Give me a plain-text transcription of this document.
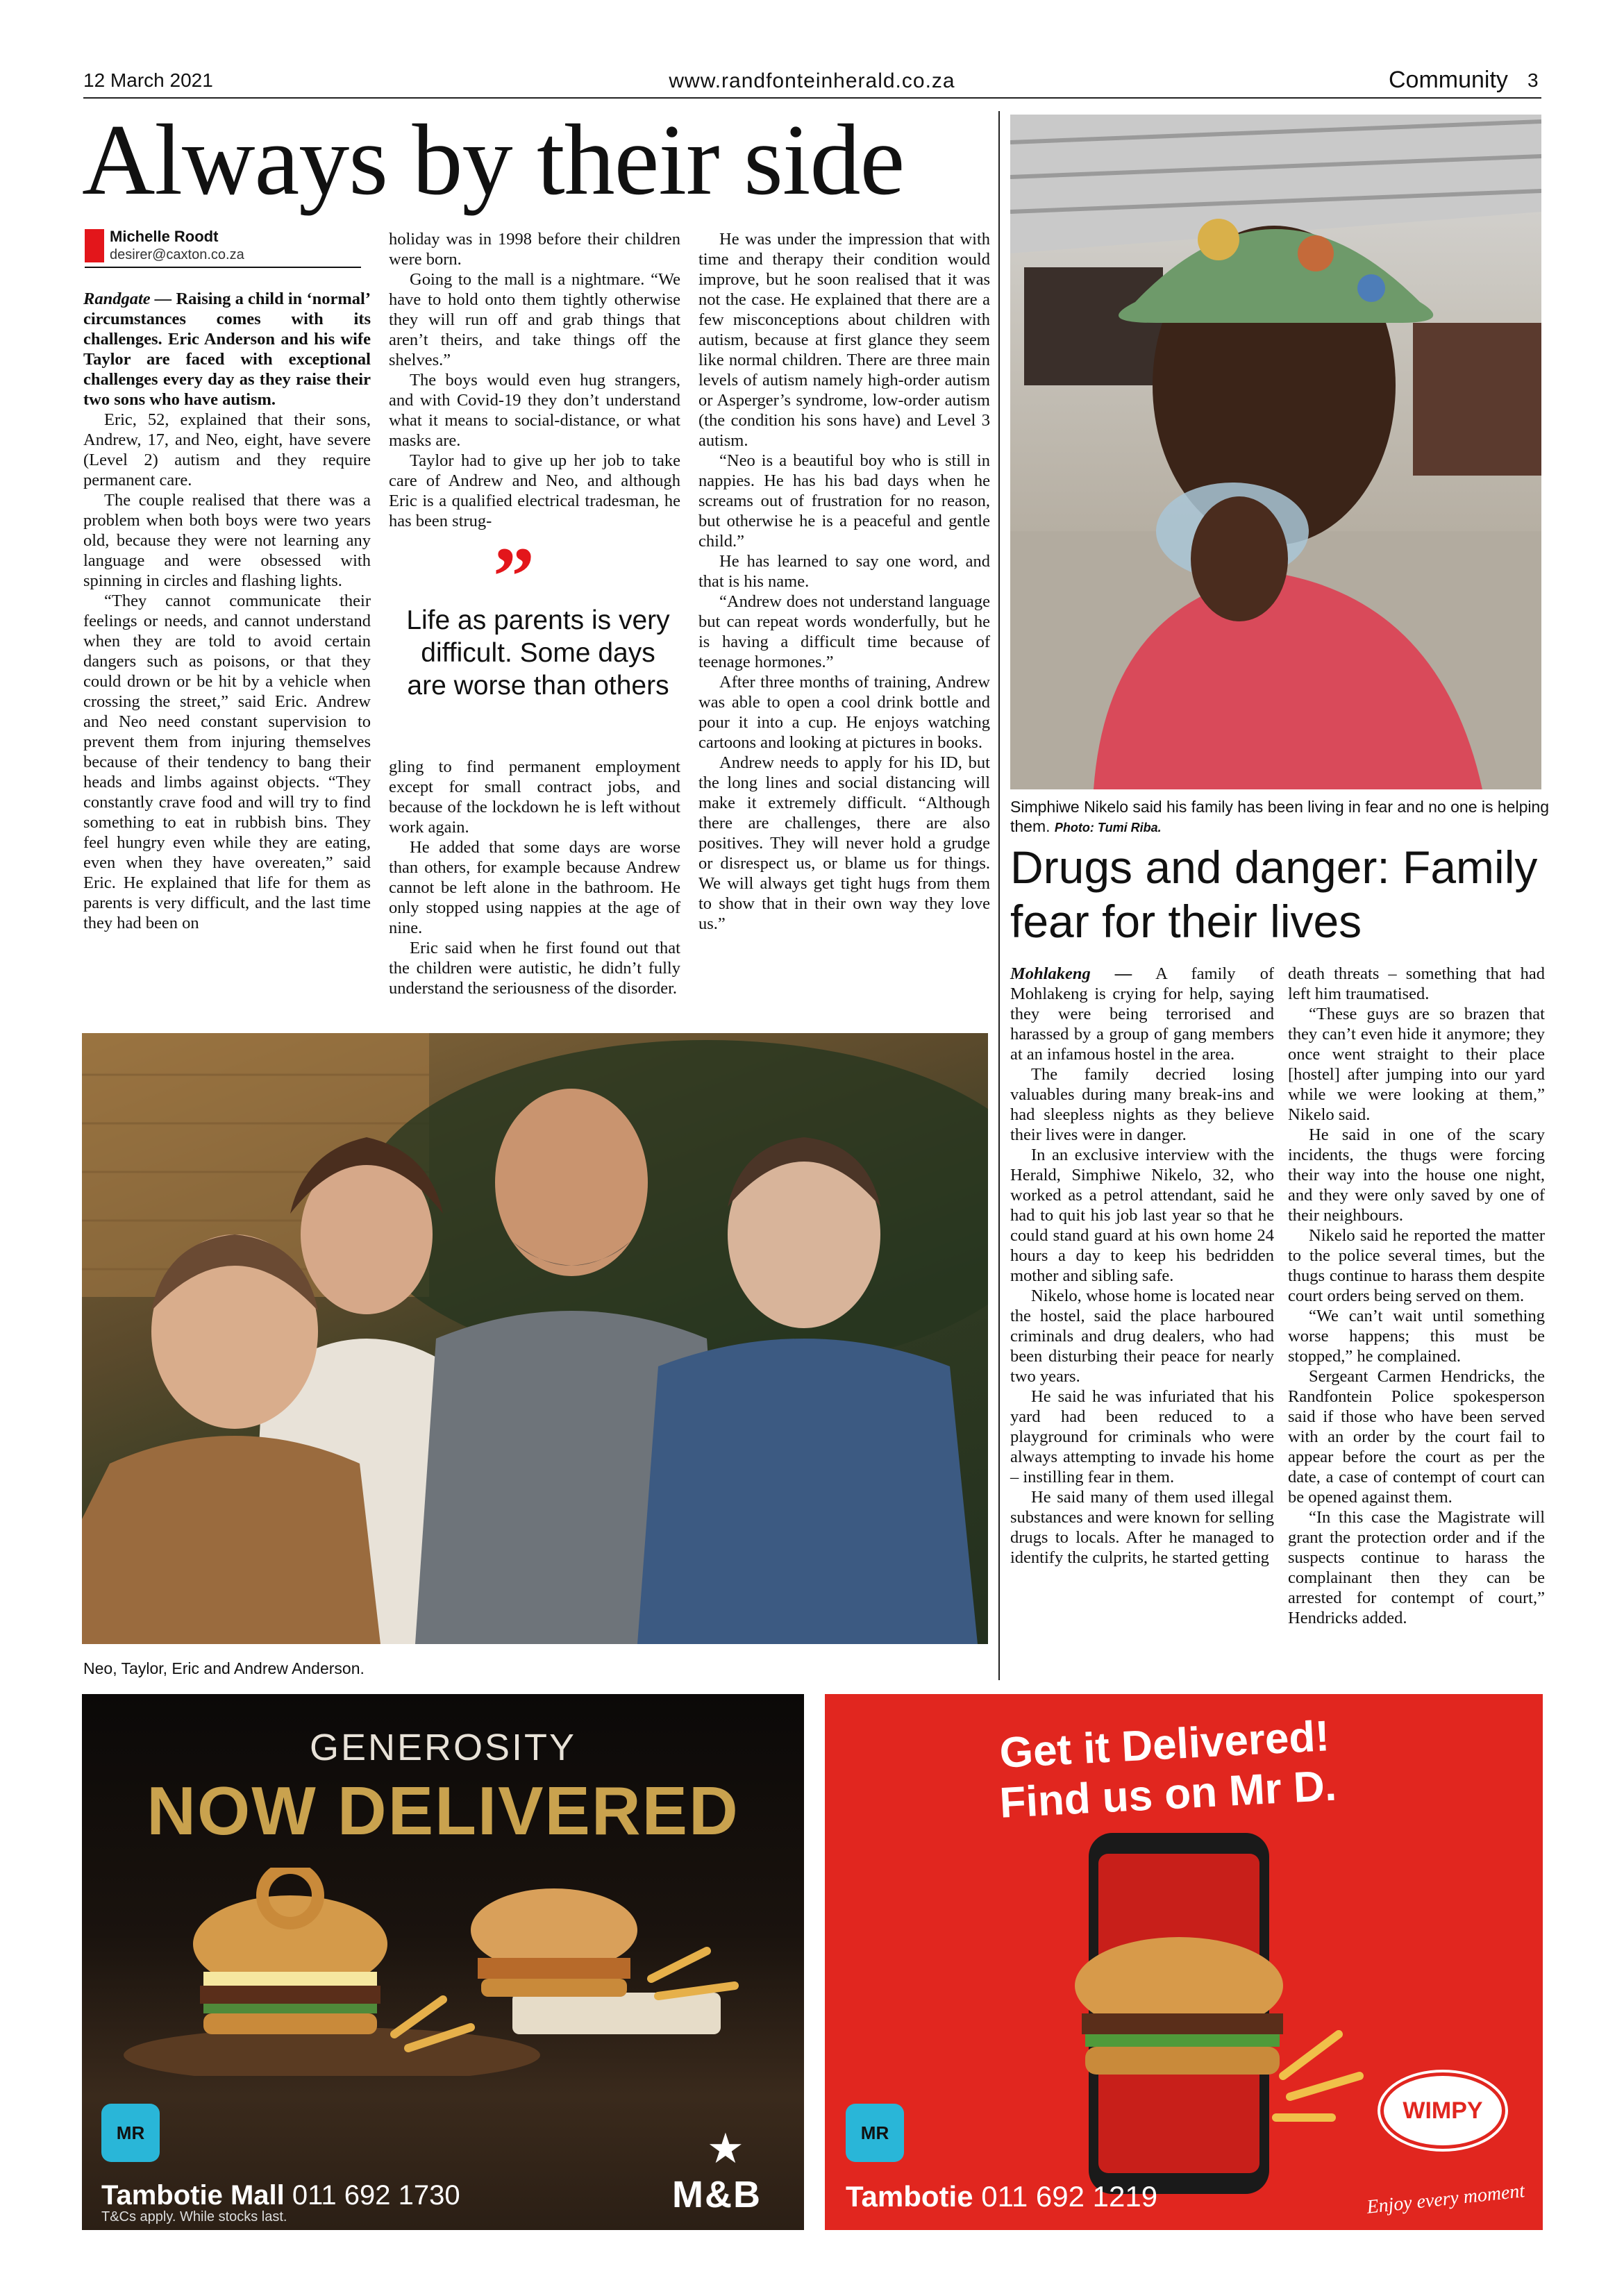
12 March 2021	www.randfonteinherald.co.za	Community 3
Always by their side
Michelle Roodt
desirer@caxton.co.za

Randgate — Raising a child in ‘normal’ circumstances comes with its challenges. Eric Anderson and his wife Taylor are faced with exceptional challenges every day as they raise their two sons who have autism.

Eric, 52, explained that their sons, Andrew, 17, and Neo, eight, have severe (Level 2) autism and they require permanent care.

The couple realised that there was a problem when both boys were two years old, because they were not learning any language and were obsessed with spinning in circles and flashing lights.

“They cannot communicate their feelings or needs, and cannot understand when they are told to avoid certain dangers such as poisons, or that they could drown or be hit by a vehicle when crossing the street,” said Eric. Andrew and Neo need constant supervision to prevent them from injuring themselves because of their tendency to bang their heads and limbs against objects. “They constantly crave food and will try to find something to eat in rubbish bins. They feel hungry even while they are eating, even when they have overeaten,” said Eric. He explained that life for them as parents is very difficult, and the last time they had been on

holiday was in 1998 before their children were born.

Going to the mall is a nightmare. “We have to hold onto them tightly otherwise they will run off and grab things that aren’t theirs, and take things off the shelves.”

The boys would even hug strangers, and with Covid-19 they don’t understand what it means to social-distance, or what masks are.

Taylor had to give up her job to take care of Andrew and Neo, and although Eric is a qualified electrical tradesman, he has been strug-

”
Life as parents is very difficult. Some days are worse than others

gling to find permanent employment except for small contract jobs, and because of the lockdown he is left without work again.

He added that some days are worse than others, for example because Andrew cannot be left alone in the bathroom. He only stopped using nappies at the age of nine.

Eric said when he first found out that the children were autistic, he didn’t fully understand the seriousness of the disorder.

He was under the impression that with time and therapy their condition would improve, but he soon realised that it was not the case. He explained that there are a few misconceptions about children with autism, because at first glance they seem like normal children. There are three main levels of autism namely high-order autism or Asperger’s syndrome, low-order autism (the condition his sons have) and Level 3 autism.

“Neo is a beautiful boy who is still in nappies. He has his bad days when he screams out of frustration for no reason, but otherwise he is a peaceful and gentle child.”

He has learned to say one word, and that is his name.

“Andrew does not understand language but can repeat words wonderfully, but he is having a difficult time because of teenage hormones.”

After three months of training, Andrew was able to open a cool drink bottle and pour it into a cup. He enjoys watching cartoons and looking at pictures in books.

Andrew needs to apply for his ID, but the long lines and social distancing will make it extremely difficult. “Although there are challenges, there are also positives. They will never hold a grudge or disrespect us, or blame us for things. We will always get tight hugs from them to show that in their own way they love us.”

Neo, Taylor, Eric and Andrew Anderson.
Simphiwe Nikelo said his family has been living in fear and no one is helping them. Photo: Tumi Riba.
Drugs and danger: Family fear for their lives

Mohlakeng — A family of Mohlakeng is crying for help, saying they were being terrorised and harassed by a group of gang members at an infamous hostel in the area.

The family decried losing valuables during many break-ins and had sleepless nights as they believe their lives were in danger.

In an exclusive interview with the Herald, Simphiwe Nikelo, 32, who worked as a petrol attendant, said he had to quit his job last year so that he could stand guard at his own home 24 hours a day to keep his bedridden mother and sibling safe.

Nikelo, whose home is located near the hostel, said the place harboured criminals and drug dealers, who had been disturbing their peace for nearly two years.

He said he was infuriated that his yard had been reduced to a playground for criminals who were always attempting to invade his home – instilling fear in them.

He said many of them used illegal substances and were known for selling drugs to locals. After he managed to identify the culprits, he started getting

death threats – something that had left him traumatised.

“These guys are so brazen that they can’t even hide it anymore; they once went straight to their place [hostel] after jumping into our yard while we were looking at them,” Nikelo said.

He said in one of the scary incidents, the thugs were forcing their way into the house one night, and they were only saved by one of their neighbours.

Nikelo said he reported the matter to the police several times, but the thugs continue to harass them despite court orders being served on them.

“We can’t wait until something worse happens; this must be stopped,” he complained.

Sergeant Carmen Hendricks, the Randfontein Police spokesperson said if those who have been served with an order by the court fail to appear before the court as per the date, a case of contempt of court can be opened against them.

“In this case the Magistrate will grant the protection order and if the suspects continue to harass the complainant then they can be arrested for contempt of court,” Hendricks added.

GENEROSITY
NOW DELIVERED
MR
Tambotie Mall 011 692 1730
T&Cs apply. While stocks last.
★
M&B
Get it Delivered!
Find us on Mr D.
WIMPY
MR
Tambotie 011 692 1219	Enjoy every moment
